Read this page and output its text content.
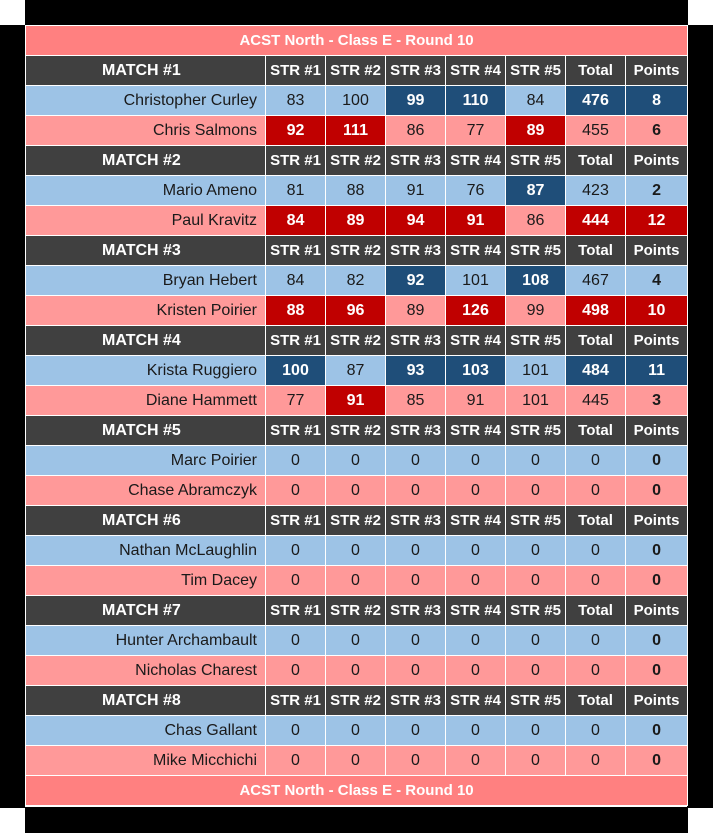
ACST North - Class E - Round 10							
MATCH #1	STR #1	STR #2	STR #3	STR #4	STR #5	Total	Points
Christopher Curley	83	100	99	110	84	476	8
Chris Salmons	92	111	86	77	89	455	6
MATCH #2	STR #1	STR #2	STR #3	STR #4	STR #5	Total	Points
Mario Ameno	81	88	91	76	87	423	2
Paul Kravitz	84	89	94	91	86	444	12
MATCH #3	STR #1	STR #2	STR #3	STR #4	STR #5	Total	Points
Bryan Hebert	84	82	92	101	108	467	4
Kristen Poirier	88	96	89	126	99	498	10
MATCH #4	STR #1	STR #2	STR #3	STR #4	STR #5	Total	Points
Krista Ruggiero	100	87	93	103	101	484	11
Diane Hammett	77	91	85	91	101	445	3
MATCH #5	STR #1	STR #2	STR #3	STR #4	STR #5	Total	Points
Marc Poirier	0	0	0	0	0	0	0
Chase Abramczyk	0	0	0	0	0	0	0
MATCH #6	STR #1	STR #2	STR #3	STR #4	STR #5	Total	Points
Nathan McLaughlin	0	0	0	0	0	0	0
Tim Dacey	0	0	0	0	0	0	0
MATCH #7	STR #1	STR #2	STR #3	STR #4	STR #5	Total	Points
Hunter Archambault	0	0	0	0	0	0	0
Nicholas Charest	0	0	0	0	0	0	0
MATCH #8	STR #1	STR #2	STR #3	STR #4	STR #5	Total	Points
Chas Gallant	0	0	0	0	0	0	0
Mike Micchichi	0	0	0	0	0	0	0
ACST North - Class E - Round 10							
